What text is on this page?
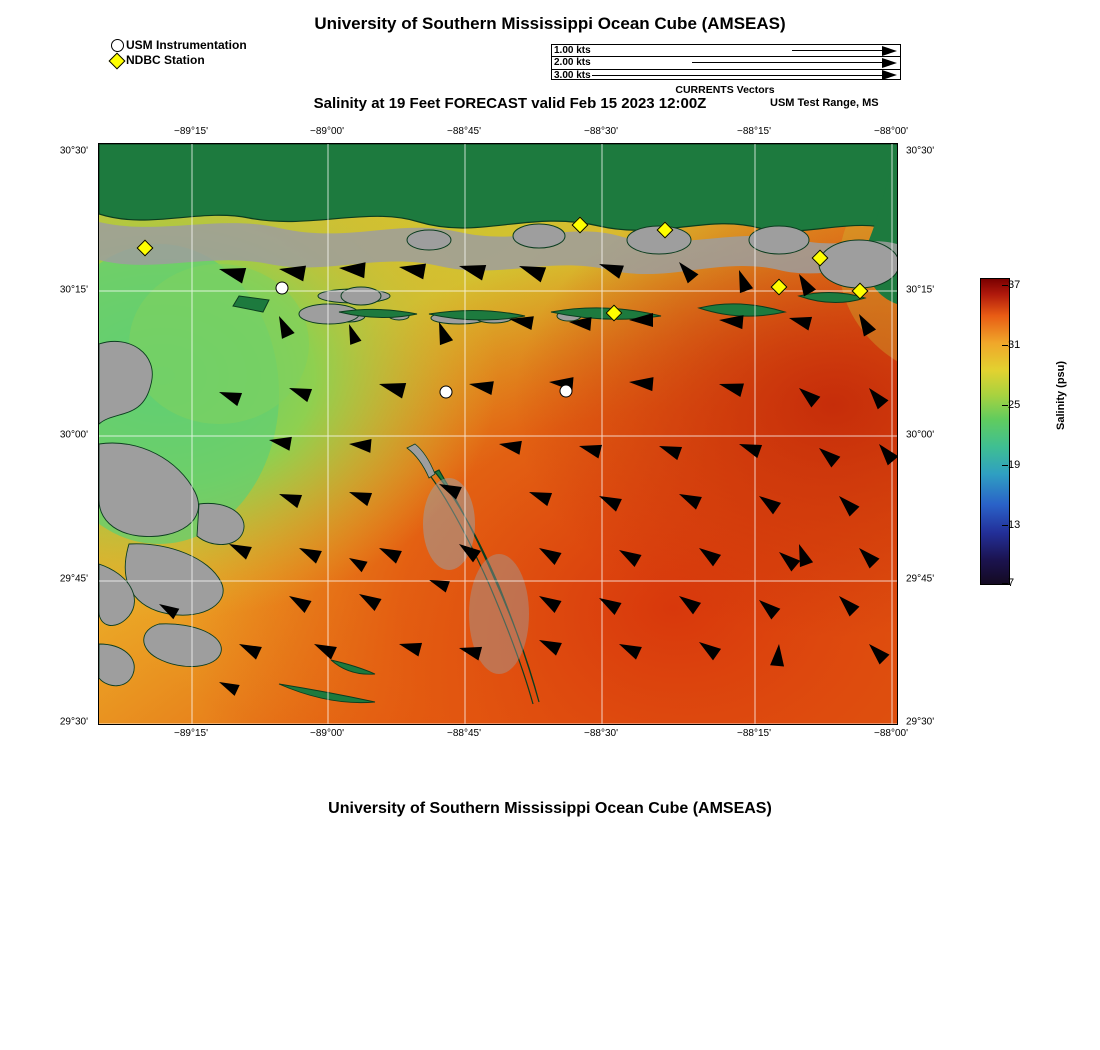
University of Southern Mississippi Ocean Cube (AMSEAS)
Salinity at 19 Feet FORECAST valid Feb 15 2023 12:00Z	USM Test Range, MS
University of Southern Mississippi Ocean Cube (AMSEAS)
USM Instrumentation
NDBC Station
1.00 kts
2.00 kts
3.00 kts
CURRENTS Vectors
−89°15'	−89°00'	−88°45'	−88°30'	−88°15'	−88°00'
−89°15'	−89°00'	−88°45'	−88°30'	−88°15'	−88°00'
30°30'
30°15'
30°00'
29°45'
29°30'
30°30'
30°15'
30°00'
29°45'
29°30'
37
31
25
19
13
7
Salinity (psu)
